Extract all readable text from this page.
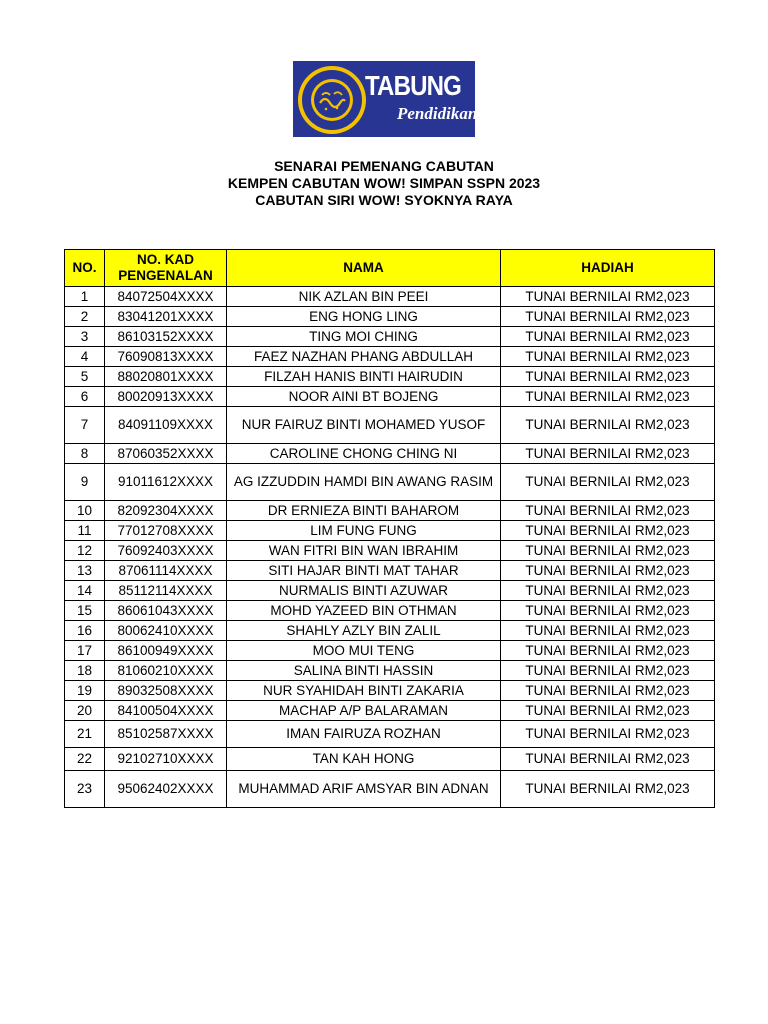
TABUNG
Pendidikan
SENARAI PEMENANG CABUTAN
KEMPEN CABUTAN WOW! SIMPAN SSPN 2023
CABUTAN SIRI WOW! SYOKNYA RAYA
NO.	NO. KAD PENGENALAN	NAMA	HADIAH
1	84072504XXXX	NIK AZLAN BIN PEEI	TUNAI BERNILAI RM2,023
2	83041201XXXX	ENG HONG LING	TUNAI BERNILAI RM2,023
3	86103152XXXX	TING MOI CHING	TUNAI BERNILAI RM2,023
4	76090813XXXX	FAEZ NAZHAN PHANG ABDULLAH	TUNAI BERNILAI RM2,023
5	88020801XXXX	FILZAH HANIS BINTI HAIRUDIN	TUNAI BERNILAI RM2,023
6	80020913XXXX	NOOR AINI BT BOJENG	TUNAI BERNILAI RM2,023
7	84091109XXXX	NUR FAIRUZ BINTI MOHAMED YUSOF	TUNAI BERNILAI RM2,023
8	87060352XXXX	CAROLINE CHONG CHING NI	TUNAI BERNILAI RM2,023
9	91011612XXXX	AG IZZUDDIN HAMDI BIN AWANG RASIM	TUNAI BERNILAI RM2,023
10	82092304XXXX	DR ERNIEZA BINTI BAHAROM	TUNAI BERNILAI RM2,023
11	77012708XXXX	LIM FUNG FUNG	TUNAI BERNILAI RM2,023
12	76092403XXXX	WAN FITRI BIN WAN IBRAHIM	TUNAI BERNILAI RM2,023
13	87061114XXXX	SITI HAJAR BINTI MAT TAHAR	TUNAI BERNILAI RM2,023
14	85112114XXXX	NURMALIS BINTI AZUWAR	TUNAI BERNILAI RM2,023
15	86061043XXXX	MOHD YAZEED BIN OTHMAN	TUNAI BERNILAI RM2,023
16	80062410XXXX	SHAHLY AZLY BIN ZALIL	TUNAI BERNILAI RM2,023
17	86100949XXXX	MOO MUI TENG	TUNAI BERNILAI RM2,023
18	81060210XXXX	SALINA BINTI HASSIN	TUNAI BERNILAI RM2,023
19	89032508XXXX	NUR SYAHIDAH BINTI ZAKARIA	TUNAI BERNILAI RM2,023
20	84100504XXXX	MACHAP A/P BALARAMAN	TUNAI BERNILAI RM2,023
21	85102587XXXX	IMAN FAIRUZA ROZHAN	TUNAI BERNILAI RM2,023
22	92102710XXXX	TAN KAH HONG	TUNAI BERNILAI RM2,023
23	95062402XXXX	MUHAMMAD ARIF AMSYAR BIN ADNAN	TUNAI BERNILAI RM2,023
